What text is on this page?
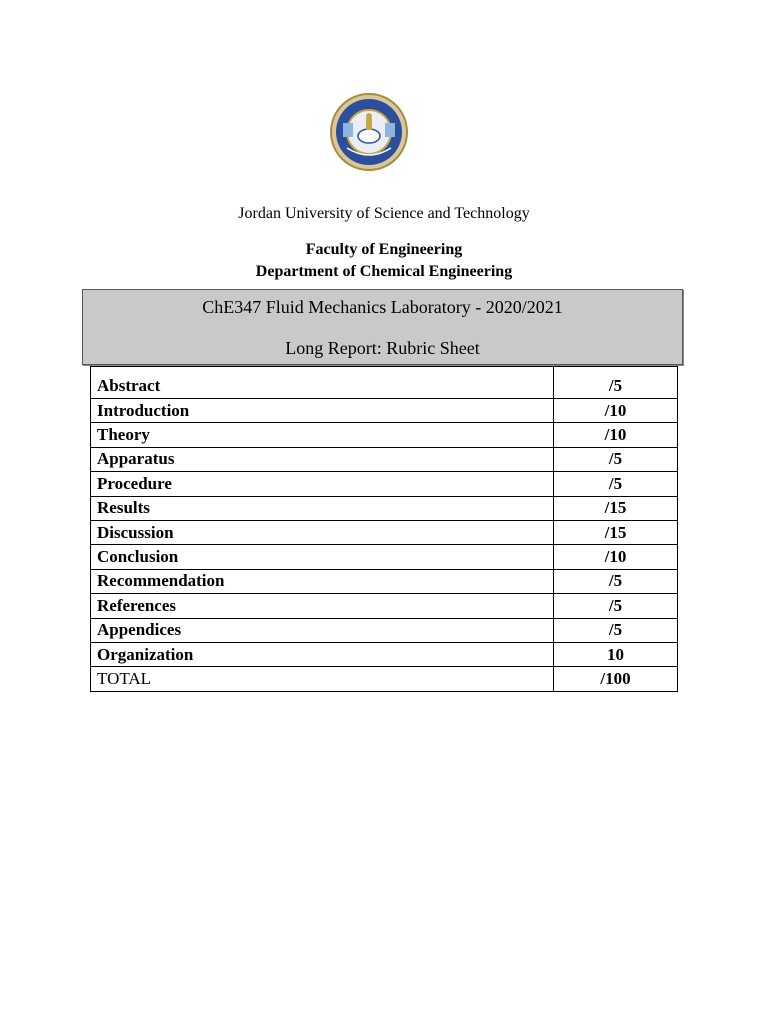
Jordan University of Science and Technology
Faculty of Engineering
Department of Chemical Engineering
ChE347 Fluid Mechanics Laboratory - 2020/2021
Long Report: Rubric Sheet
Abstract	/5
Introduction	/10
Theory	/10
Apparatus	/5
Procedure	/5
Results	/15
Discussion	/15
Conclusion	/10
Recommendation	/5
References	/5
Appendices	/5
Organization	10
TOTAL	/100
